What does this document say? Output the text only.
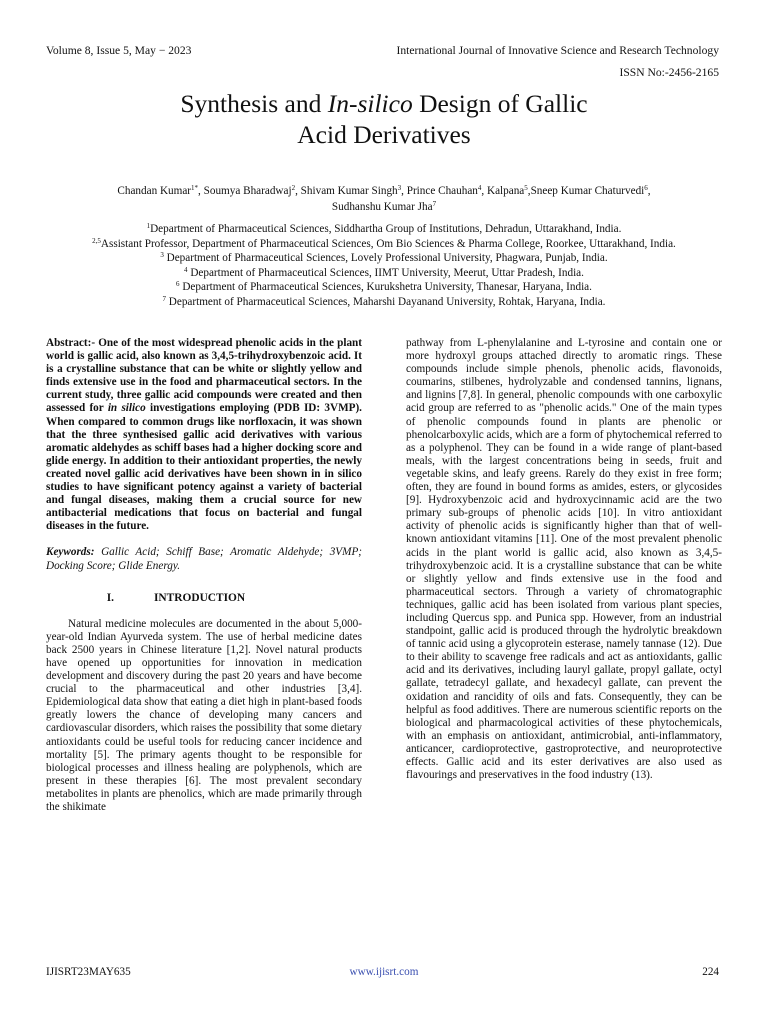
Volume 8, Issue 5, May − 2023	International Journal of Innovative Science and Research Technology
ISSN No:-2456-2165
Synthesis and In-silico Design of Gallic
Acid Derivatives
Chandan Kumar$^{1*}$, Soumya Bharadwaj$^2$, Shivam Kumar Singh$^3$, Prince Chauhan$^4$, Kalpana$^5$,Sneep Kumar Chaturvedi$^6$,
Sudhanshu Kumar Jha$^7$
$^1$Department of Pharmaceutical Sciences, Siddhartha Group of Institutions, Dehradun, Uttarakhand, India.
$^{2,5}$Assistant Professor, Department of Pharmaceutical Sciences, Om Bio Sciences & Pharma College, Roorkee, Uttarakhand, India.
$^3$ Department of Pharmaceutical Sciences, Lovely Professional University, Phagwara, Punjab, India.
$^4$ Department of Pharmaceutical Sciences, IIMT University, Meerut, Uttar Pradesh, India.
$^6$ Department of Pharmaceutical Sciences, Kurukshetra University, Thanesar, Haryana, India.
$^7$ Department of Pharmaceutical Sciences, Maharshi Dayanand University, Rohtak, Haryana, India.

Abstract:- One of the most widespread phenolic acids in the plant world is gallic acid, also known as 3,4,5-trihydroxybenzoic acid. It is a crystalline substance that can be white or slightly yellow and finds extensive use in the food and pharmaceutical sectors. In the current study, three gallic acid compounds were created and then assessed for in silico investigations employing (PDB ID: 3VMP). When compared to common drugs like norfloxacin, it was shown that the three synthesised gallic acid derivatives with various aromatic aldehydes as schiff bases had a higher docking score and glide energy. In addition to their antioxidant properties, the newly created novel gallic acid derivatives have been shown in in silico studies to have significant potency against a variety of bacterial and fungal diseases, making them a crucial source for new antibacterial medications that focus on bacterial and fungal diseases in the future.

Keywords: Gallic Acid; Schiff Base; Aromatic Aldehyde; 3VMP; Docking Score; Glide Energy.

I.	INTRODUCTION

Natural medicine molecules are documented in the about 5,000-year-old Indian Ayurveda system. The use of herbal medicine dates back 2500 years in Chinese literature [1,2]. Novel natural products have opened up opportunities for innovation in medication development and discovery during the past 20 years and have become crucial to the pharmaceutical and other industries [3,4]. Epidemiological data show that eating a diet high in plant-based foods greatly lowers the chance of developing many cancers and cardiovascular disorders, which raises the possibility that some dietary antioxidants could be useful tools for reducing cancer incidence and mortality [5]. The primary agents thought to be responsible for biological processes and illness healing are polyphenols, which are present in these therapies [6]. The most prevalent secondary metabolites in plants are phenolics, which are made primarily through the shikimate

pathway from L-phenylalanine and L-tyrosine and contain one or more hydroxyl groups attached directly to aromatic rings. These compounds include simple phenols, phenolic acids, flavonoids, coumarins, stilbenes, hydrolyzable and condensed tannins, lignans, and lignins [7,8]. In general, phenolic compounds with one carboxylic acid group are referred to as "phenolic acids." One of the main types of phenolic compounds found in plants are phenolic or phenolcarboxylic acids, which are a form of phytochemical referred to as a polyphenol. They can be found in a wide range of plant-based meals, with the largest concentrations being in seeds, fruit and vegetable skins, and leafy greens. Rarely do they exist in free form; often, they are found in bound forms as amides, esters, or glycosides [9]. Hydroxybenzoic acid and hydroxycinnamic acid are the two primary sub-groups of phenolic acids [10]. In vitro antioxidant activity of phenolic acids is significantly higher than that of well-known antioxidant vitamins [11]. One of the most prevalent phenolic acids in the plant world is gallic acid, also known as 3,4,5-trihydroxybenzoic acid. It is a crystalline substance that can be white or slightly yellow and finds extensive use in the food and pharmaceutical sectors. Through a variety of chromatographic techniques, gallic acid has been isolated from various plant species, including Quercus spp. and Punica spp. However, from an industrial standpoint, gallic acid is produced through the hydrolytic breakdown of tannic acid using a glycoprotein esterase, namely tannase (12). Due to their ability to scavenge free radicals and act as antioxidants, gallic acid and its derivatives, including lauryl gallate, propyl gallate, octyl gallate, tetradecyl gallate, and hexadecyl gallate, can prevent the oxidation and rancidity of oils and fats. Consequently, they can be helpful as food additives. There are numerous scientific reports on the biological and pharmacological activities of these phytochemicals, with an emphasis on antioxidant, antimicrobial, anti-inflammatory, anticancer, cardioprotective, gastroprotective, and neuroprotective effects. Gallic acid and its ester derivatives are also used as flavourings and preservatives in the food industry (13).

IJISRT23MAY635	www.ijisrt.com	224
